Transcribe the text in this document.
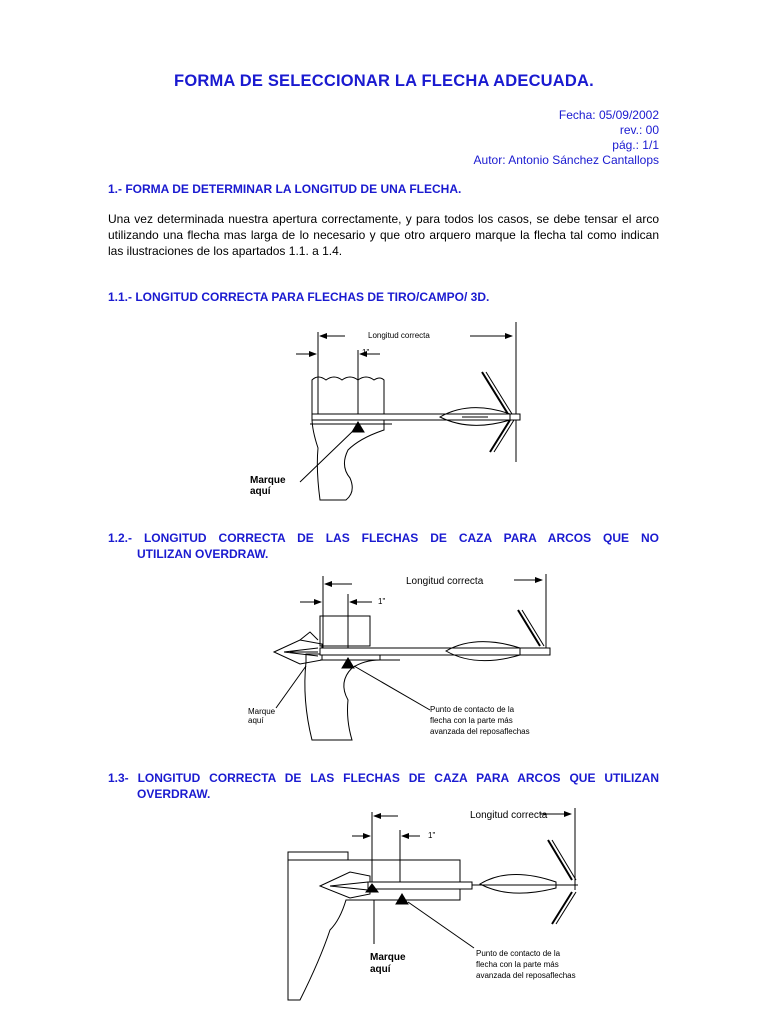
FORMA DE SELECCIONAR LA FLECHA ADECUADA.
Fecha: 05/09/2002
rev.: 00
pág.: 1/1
Autor: Antonio Sánchez Cantallops
1.- FORMA DE DETERMINAR LA LONGITUD DE UNA FLECHA.
Una vez determinada nuestra apertura correctamente, y para todos los casos, se debe tensar el arco utilizando una flecha mas larga de lo necesario y que otro arquero marque la flecha tal como indican las ilustraciones de los apartados 1.1. a 1.4.
1.1.- LONGITUD CORRECTA PARA FLECHAS DE TIRO/CAMPO/ 3D.
1.2.- LONGITUD CORRECTA DE LAS FLECHAS DE CAZA PARA ARCOS QUE NO
UTILIZAN OVERDRAW.
1.3- LONGITUD CORRECTA DE LAS FLECHAS DE CAZA PARA ARCOS QUE UTILIZAN
OVERDRAW.
Longitud correcta
1"
Marque
aquí
Longitud correcta
1"
Marque
aquí
Punto de contacto de la
flecha con la parte más
avanzada del reposaflechas
Longitud correcta
1"
Marque
aquí
Punto de contacto de la
flecha con la parte más
avanzada del reposaflechas
